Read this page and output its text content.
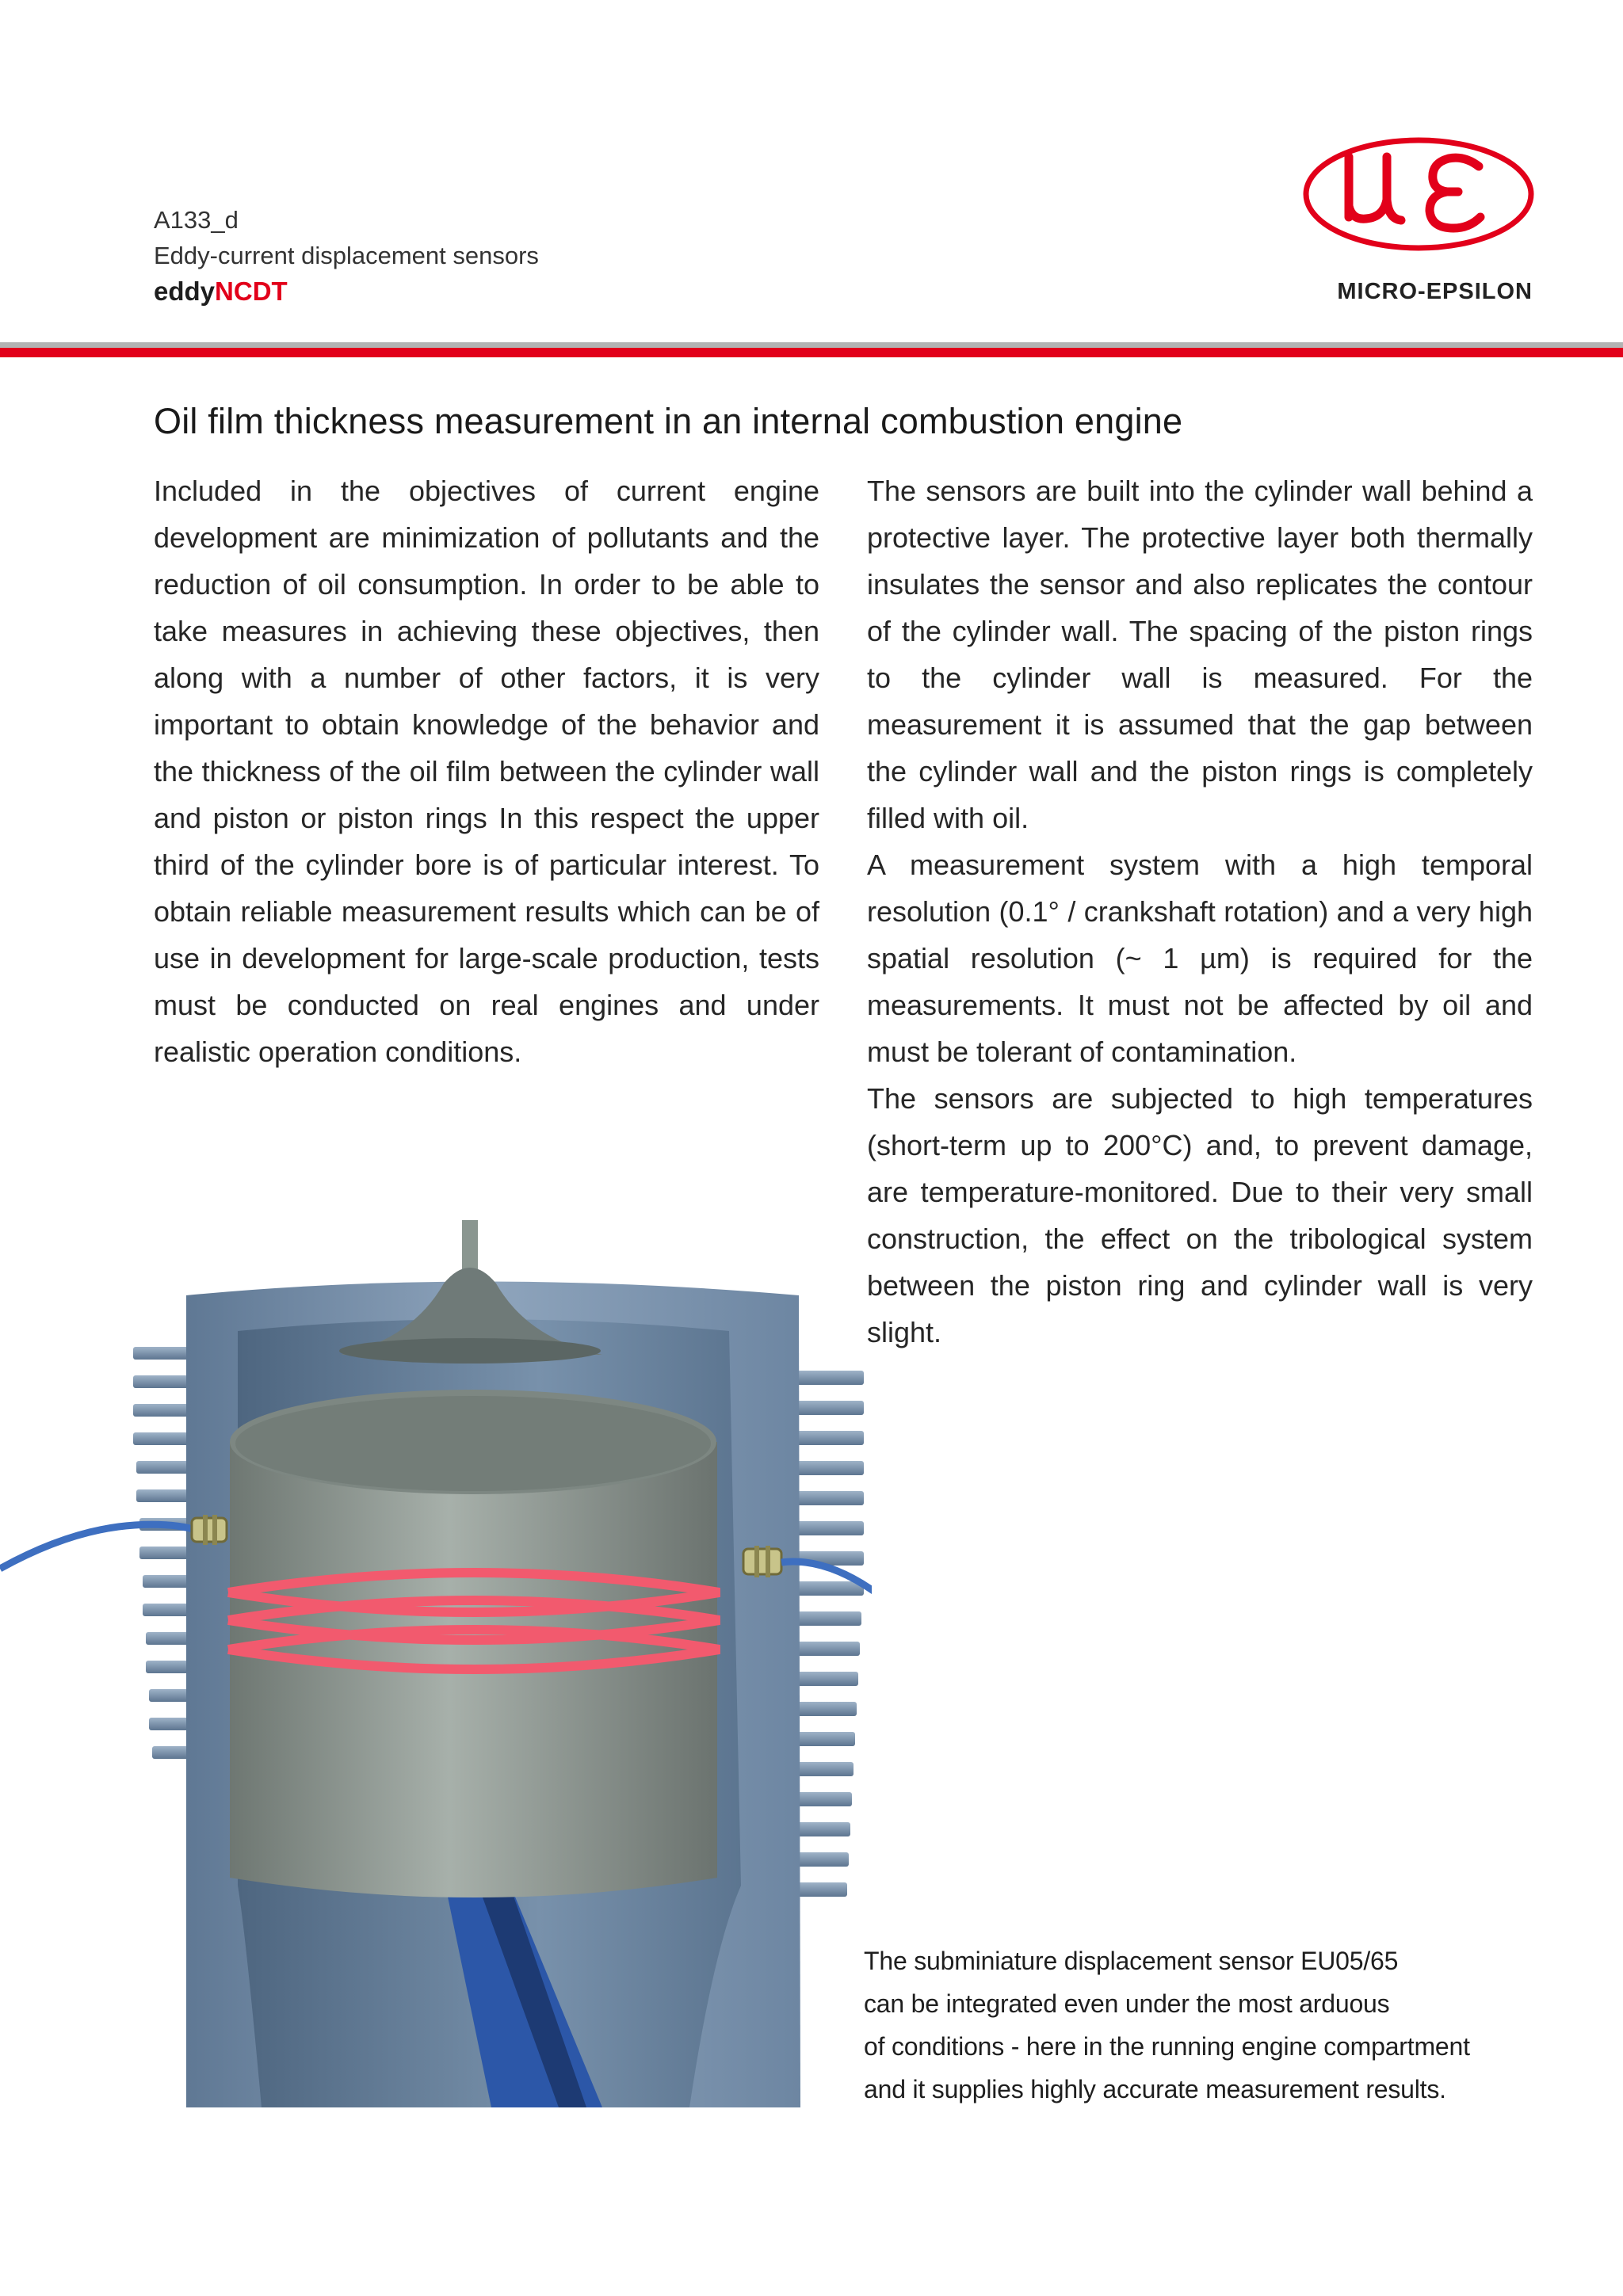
A133_d
Eddy-current displacement sensors
eddyNCDT	MICRO-EPSILON
Oil film thickness measurement in an internal combustion engine

Included in the objectives of current engine development are minimization of pollutants and the reduction of oil consumption. In order to be able to take measures in achieving these objectives, then along with a number of other factors, it is very important to obtain knowledge of the behavior and the thickness of the oil film between the cylinder wall and piston or piston rings In this respect the upper third of the cylinder bore is of particular interest. To obtain reliable measurement results which can be of use in development for large-scale production, tests must be conducted on real engines and under realistic operation conditions.

The sensors are built into the cylinder wall behind a protective layer. The protective layer both thermally insulates the sensor and also replicates the contour of the cylinder wall. The spacing of the piston rings to the cylinder wall is measured. For the measurement it is assumed that the gap between the cylinder wall and the piston rings is completely filled with oil.

A measurement system with a high temporal resolution (0.1° / crankshaft rotation) and a very high spatial resolution (~ 1 µm) is required for the measurements. It must not be affected by oil and must be tolerant of contamination.

The sensors are subjected to high temperatures (short-term up to 200°C) and, to prevent damage, are temperature-monitored. Due to their very small construction, the effect on the tribological system between the piston ring and cylinder wall is very slight.

The subminiature displacement sensor EU05/65
can be integrated even under the most arduous
of conditions - here in the running engine compartment
and it supplies highly accurate measurement results.
